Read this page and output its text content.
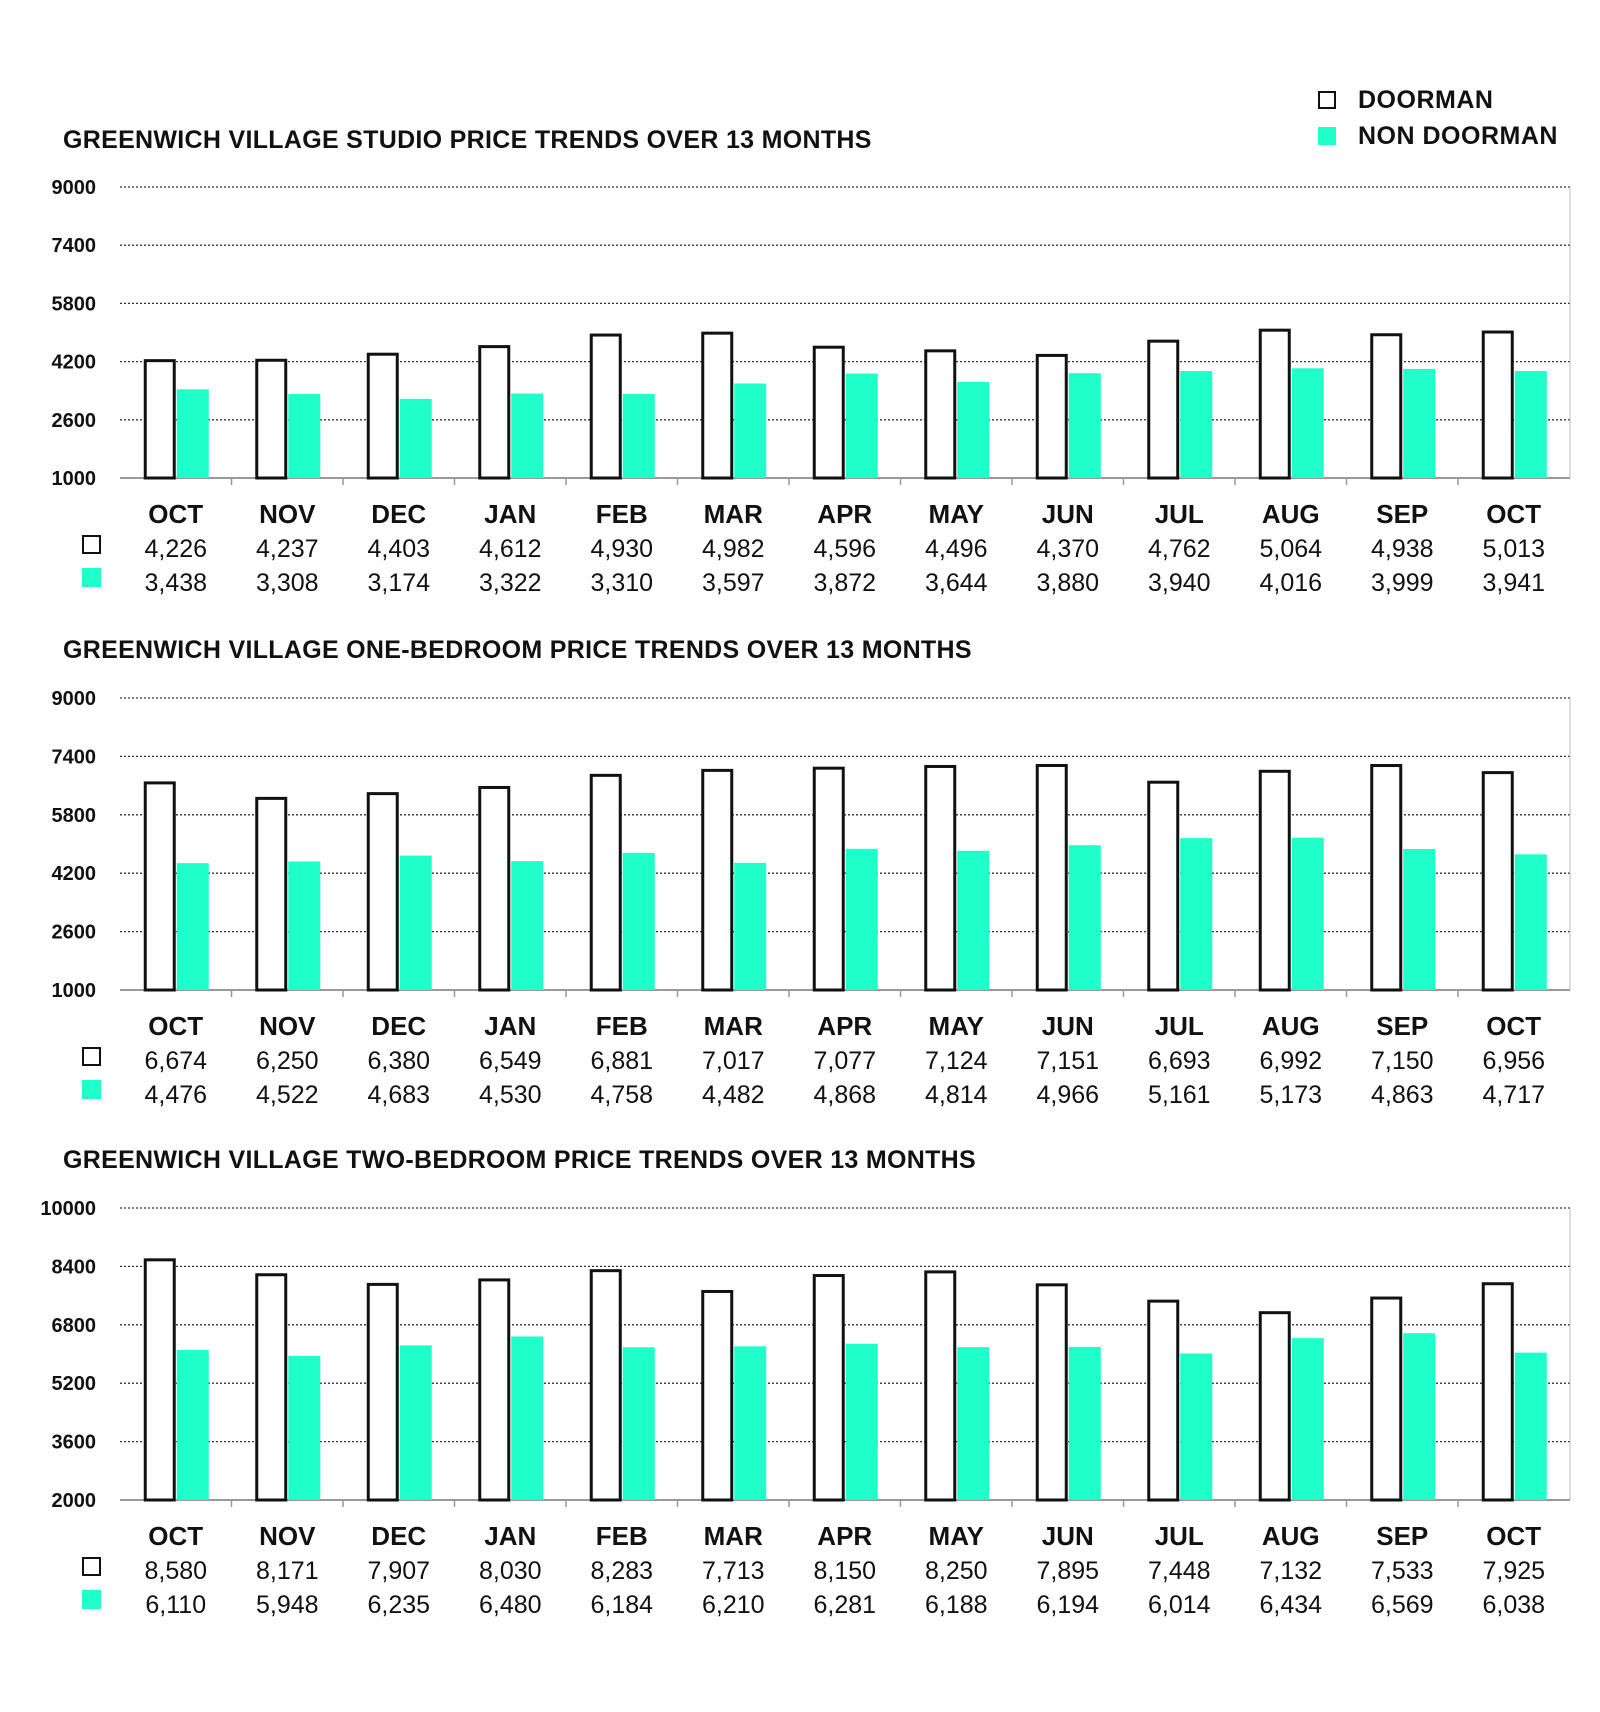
DOORMAN
NON DOORMAN
GREENWICH VILLAGE STUDIO PRICE TRENDS OVER 13 MONTHS
GREENWICH VILLAGE ONE-BEDROOM PRICE TRENDS OVER 13 MONTHS
GREENWICH VILLAGE TWO-BEDROOM PRICE TRENDS OVER 13 MONTHS
1000
2600
4200
5800
7400
9000
OCT
4,226
3,438
NOV
4,237
3,308
DEC
4,403
3,174
JAN
4,612
3,322
FEB
4,930
3,310
MAR
4,982
3,597
APR
4,596
3,872
MAY
4,496
3,644
JUN
4,370
3,880
JUL
4,762
3,940
AUG
5,064
4,016
SEP
4,938
3,999
OCT
5,013
3,941
1000
2600
4200
5800
7400
9000
OCT
6,674
4,476
NOV
6,250
4,522
DEC
6,380
4,683
JAN
6,549
4,530
FEB
6,881
4,758
MAR
7,017
4,482
APR
7,077
4,868
MAY
7,124
4,814
JUN
7,151
4,966
JUL
6,693
5,161
AUG
6,992
5,173
SEP
7,150
4,863
OCT
6,956
4,717
2000
3600
5200
6800
8400
10000
OCT
8,580
6,110
NOV
8,171
5,948
DEC
7,907
6,235
JAN
8,030
6,480
FEB
8,283
6,184
MAR
7,713
6,210
APR
8,150
6,281
MAY
8,250
6,188
JUN
7,895
6,194
JUL
7,448
6,014
AUG
7,132
6,434
SEP
7,533
6,569
OCT
7,925
6,038
